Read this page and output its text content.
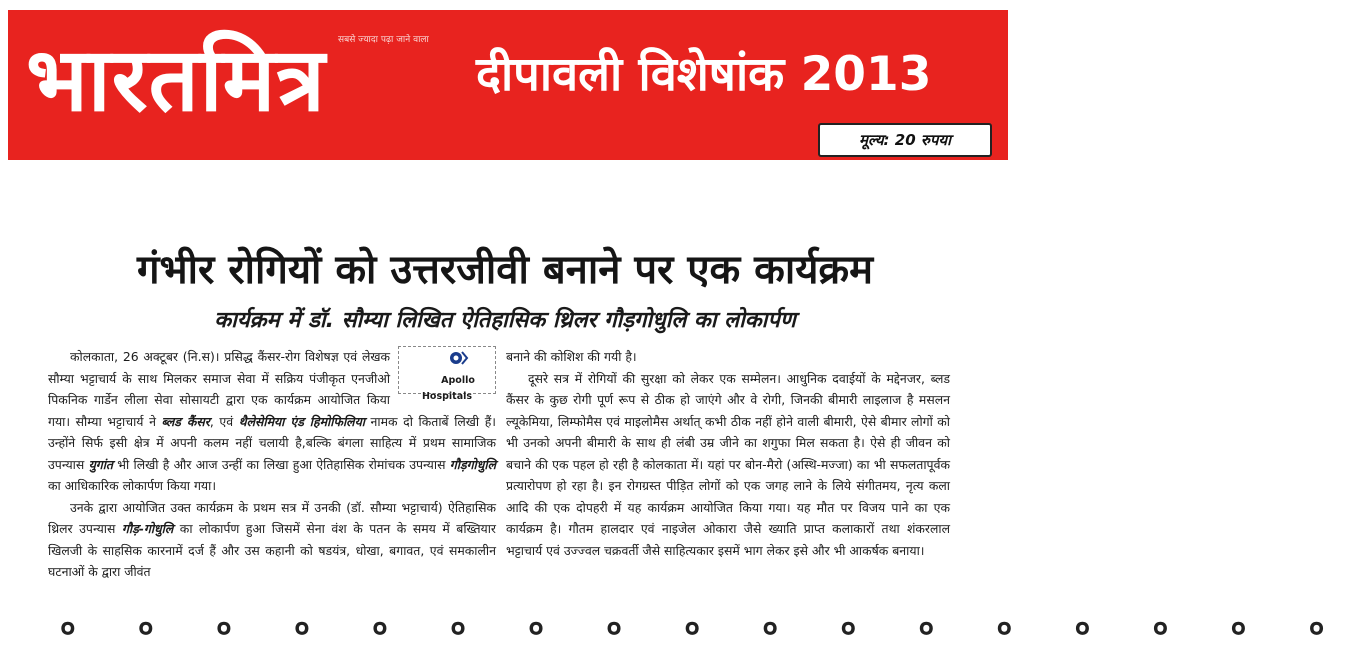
सबसे ज्यादा पढ़ा जाने वाला
भारतमित्र	दीपावली विशेषांक 2013
मूल्य: 20 रुपया
गंभीर रोगियों को उत्तरजीवी बनाने पर एक कार्यक्रम
कार्यक्रम में डॉ. सौम्या लिखित ऐतिहासिक थ्रिलर गौड़गोधुलि का लोकार्पण

Apollo Hospitals
कोलकाता, 26 अक्टूबर (नि.स)। प्रसिद्ध कैंसर-रोग विशेषज्ञ एवं लेखक सौम्या भट्टाचार्य के साथ मिलकर समाज सेवा में सक्रिय पंजीकृत एनजीओ पिकनिक गार्डेन लीला सेवा सोसायटी द्वारा एक कार्यक्रम आयोजित किया गया। सौम्या भट्टाचार्य ने ब्लड कैंसर, एवं थैलेसेमिया एंड हिमोफिलिया नामक दो किताबें लिखी हैं। उन्होंने सिर्फ इसी क्षेत्र में अपनी कलम नहीं चलायी है,बल्कि बंगला साहित्य में प्रथम सामाजिक उपन्यास युगांत भी लिखी है और आज उन्हीं का लिखा हुआ ऐतिहासिक रोमांचक उपन्यास गौड़गोधुलि का आधिकारिक लोकार्पण किया गया।

उनके द्वारा आयोजित उक्त कार्यक्रम के प्रथम सत्र में उनकी (डॉ. सौम्या भट्टाचार्य) ऐतिहासिक थ्रिलर उपन्यास गौड़-गोधुलि का लोकार्पण हुआ जिसमें सेना वंश के पतन के समय में बख्तियार खिलजी के साहसिक कारनामें दर्ज हैं और उस कहानी को षडयंत्र, धोखा, बगावत, एवं समकालीन घटनाओं के द्वारा जीवंत

बनाने की कोशिश की गयी है।

दूसरे सत्र में रोगियों की सुरक्षा को लेकर एक सम्मेलन। आधुनिक दवाईयों के मद्देनजर, ब्लड कैंसर के कुछ रोगी पूर्ण रूप से ठीक हो जाएंगे और वे रोगी, जिनकी बीमारी लाइलाज है मसलन ल्यूकेमिया, लिम्फोमैस एवं माइलोमैस अर्थात् कभी ठीक नहीं होने वाली बीमारी, ऐसे बीमार लोगों को भी उनको अपनी बीमारी के साथ ही लंबी उम्र जीने का शगुफा मिल सकता है। ऐसे ही जीवन को बचाने की एक पहल हो रही है कोलकाता में। यहां पर बोन-मैरो (अस्थि-मज्जा) का भी सफलतापूर्वक प्रत्यारोपण हो रहा है। इन रोगग्रस्त पीड़ित लोगों को एक जगह लाने के लिये संगीतमय, नृत्य कला आदि की एक दोपहरी में यह कार्यक्रम आयोजित किया गया। यह मौत पर विजय पाने का एक कार्यक्रम है। गौतम हालदार एवं नाइजेल ओकारा जैसे ख्याति प्राप्त कलाकारों तथा शंकरलाल भट्टाचार्य एवं उज्ज्वल चक्रवर्ती जैसे साहित्यकार इसमें भाग लेकर इसे और भी आकर्षक बनाया।

० ० ० ० ० ० ० ० ० ० ० ० ० ० ० ० ०
